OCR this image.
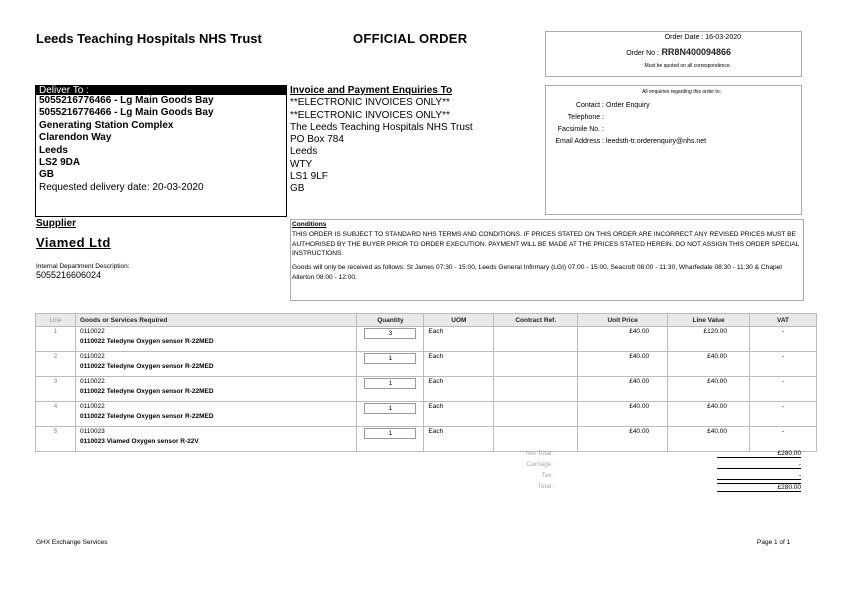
Leeds Teaching Hospitals NHS Trust	OFFICIAL ORDER	Order Date : 16-03-2020
Order No : RR8N400094866
Must be quoted on all correspondence.
Deliver To :
5055216776466 - Lg Main Goods Bay
5055216776466 - Lg Main Goods Bay
Generating Station Complex
Clarendon Way
Leeds
LS2 9DA
GB
Requested delivery date: 20-03-2020
Invoice and Payment Enquiries To
**ELECTRONIC INVOICES ONLY**
**ELECTRONIC INVOICES ONLY**
The Leeds Teaching Hospitals NHS Trust
PO Box 784
Leeds
WTY
LS1 9LF
GB
All enquiries regarding this order to:
Contact : Order Enquiry
Telephone :
Facsimile No. :
Email Address : leedsth-tr.orderenquiry@nhs.net
Supplier
Viamed Ltd
Internal Department Description:
5055216606024
Conditions
THIS ORDER IS SUBJECT TO STANDARD NHS TERMS AND CONDITIONS. IF PRICES STATED ON THIS ORDER ARE INCORRECT ANY REVISED PRICES MUST BE AUTHORISED BY THE BUYER PRIOR TO ORDER EXECUTION. PAYMENT WILL BE MADE AT THE PRICES STATED HEREIN. DO NOT ASSIGN THIS ORDER SPECIAL INSTRUCTIONS.
Goods will only be received as follows: St James 07:30 - 15:00, Leeds General Infirmary (LGI) 07:00 - 15:00, Seacroft 08:00 - 11:30, Wharfedale 08:30 - 11:30 & Chapel Allerton 08:00 - 12:00.
Line	Goods or Services Required	Quantity	UOM	Contract Ref.	Unit Price	Line Value	VAT
1	0110022
0110022 Teledyne Oxygen sensor R-22MED	3	Each		£40.00	£120.00	-
2	0110022
0110022 Teledyne Oxygen sensor R-22MED	1	Each		£40.00	£40.00	-
3	0110022
0110022 Teledyne Oxygen sensor R-22MED	1	Each		£40.00	£40.00	-
4	0110022
0110022 Teledyne Oxygen sensor R-22MED	1	Each		£40.00	£40.00	-
5	0110023
0110023 Viamed Oxygen sensor R-22V	1	Each		£40.00	£40.00	-
Net Total :	£280.00
Carriage :	-
Tax :	-
Total :	£280.00
GHX Exchange Services	Page 1 of 1
